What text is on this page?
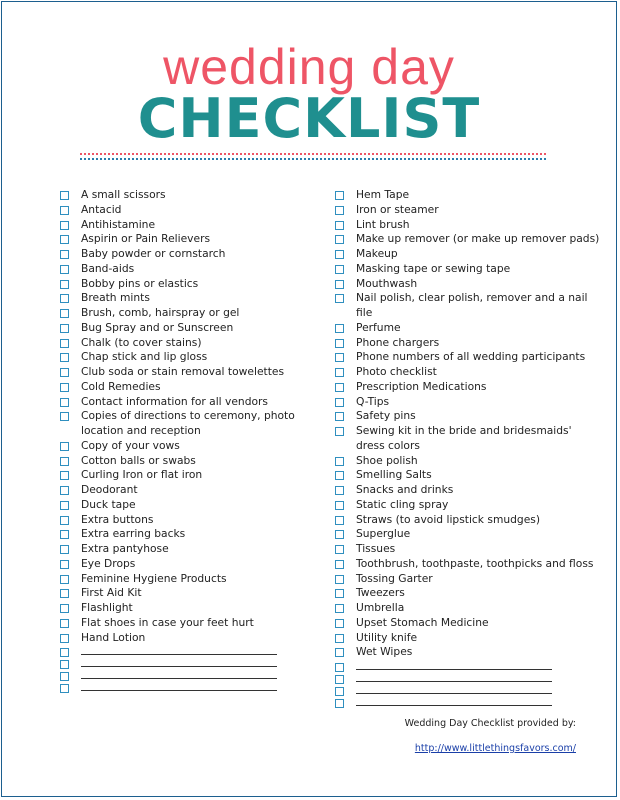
wedding day
CHECKLIST
A small scissors
Antacid
Antihistamine
Aspirin or Pain Relievers
Baby powder or cornstarch
Band-aids
Bobby pins or elastics
Breath mints
Brush, comb, hairspray or gel
Bug Spray and or Sunscreen
Chalk (to cover stains)
Chap stick and lip gloss
Club soda or stain removal towelettes
Cold Remedies
Contact information for all vendors
Copies of directions to ceremony, photo location and reception
Copy of your vows
Cotton balls or swabs
Curling Iron or flat iron
Deodorant
Duck tape
Extra buttons
Extra earring backs
Extra pantyhose
Eye Drops
Feminine Hygiene Products
First Aid Kit
Flashlight
Flat shoes in case your feet hurt
Hand Lotion
Hem Tape
Iron or steamer
Lint brush
Make up remover (or make up remover pads)
Makeup
Masking tape or sewing tape
Mouthwash
Nail polish, clear polish, remover and a nail file
Perfume
Phone chargers
Phone numbers of all wedding participants
Photo checklist
Prescription Medications
Q-Tips
Safety pins
Sewing kit in the bride and bridesmaids' dress colors
Shoe polish
Smelling Salts
Snacks and drinks
Static cling spray
Straws (to avoid lipstick smudges)
Superglue
Tissues
Toothbrush, toothpaste, toothpicks and floss
Tossing Garter
Tweezers
Umbrella
Upset Stomach Medicine
Utility knife
Wet Wipes
Wedding Day Checklist provided by:
http://www.littlethingsfavors.com/
